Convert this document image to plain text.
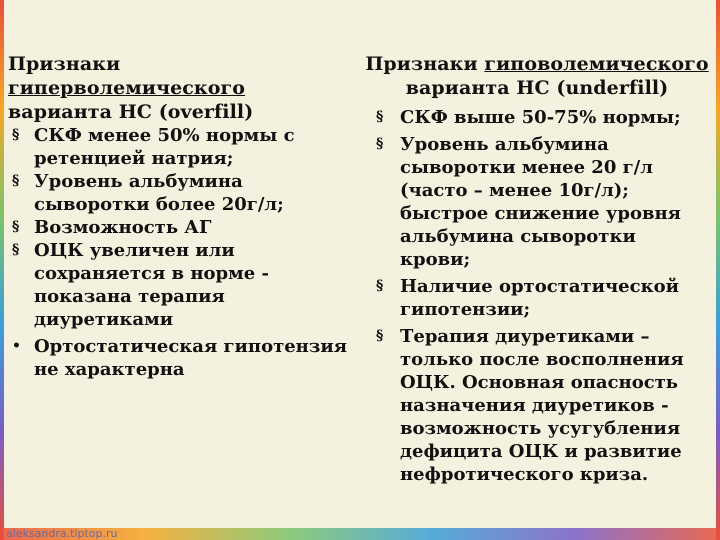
Признаки гиперволемического
варианта НС (overfill)
§ СКФ менее 50% нормы с ретенцией натрия;
§ Уровень альбумина сыворотки более 20г/л;
§ Возможность АГ
§ ОЦК увеличен или сохраняется в норме - показана терапия диуретиками
• Ортостатическая гипотензия не характерна
Признаки гиповолемического
варианта НС (underfill)
§ СКФ выше 50-75% нормы;
§ Уровень альбумина сыворотки менее 20 г/л (часто – менее 10г/л); быстрое снижение уровня альбумина сыворотки крови;
§ Наличие ортостатической гипотензии;
§ Терапия диуретиками – только после восполнения ОЦК. Основная опасность назначения диуретиков - возможность усугубления дефицита ОЦК и развитие нефротического криза.
aleksandra.tiptop.ru
